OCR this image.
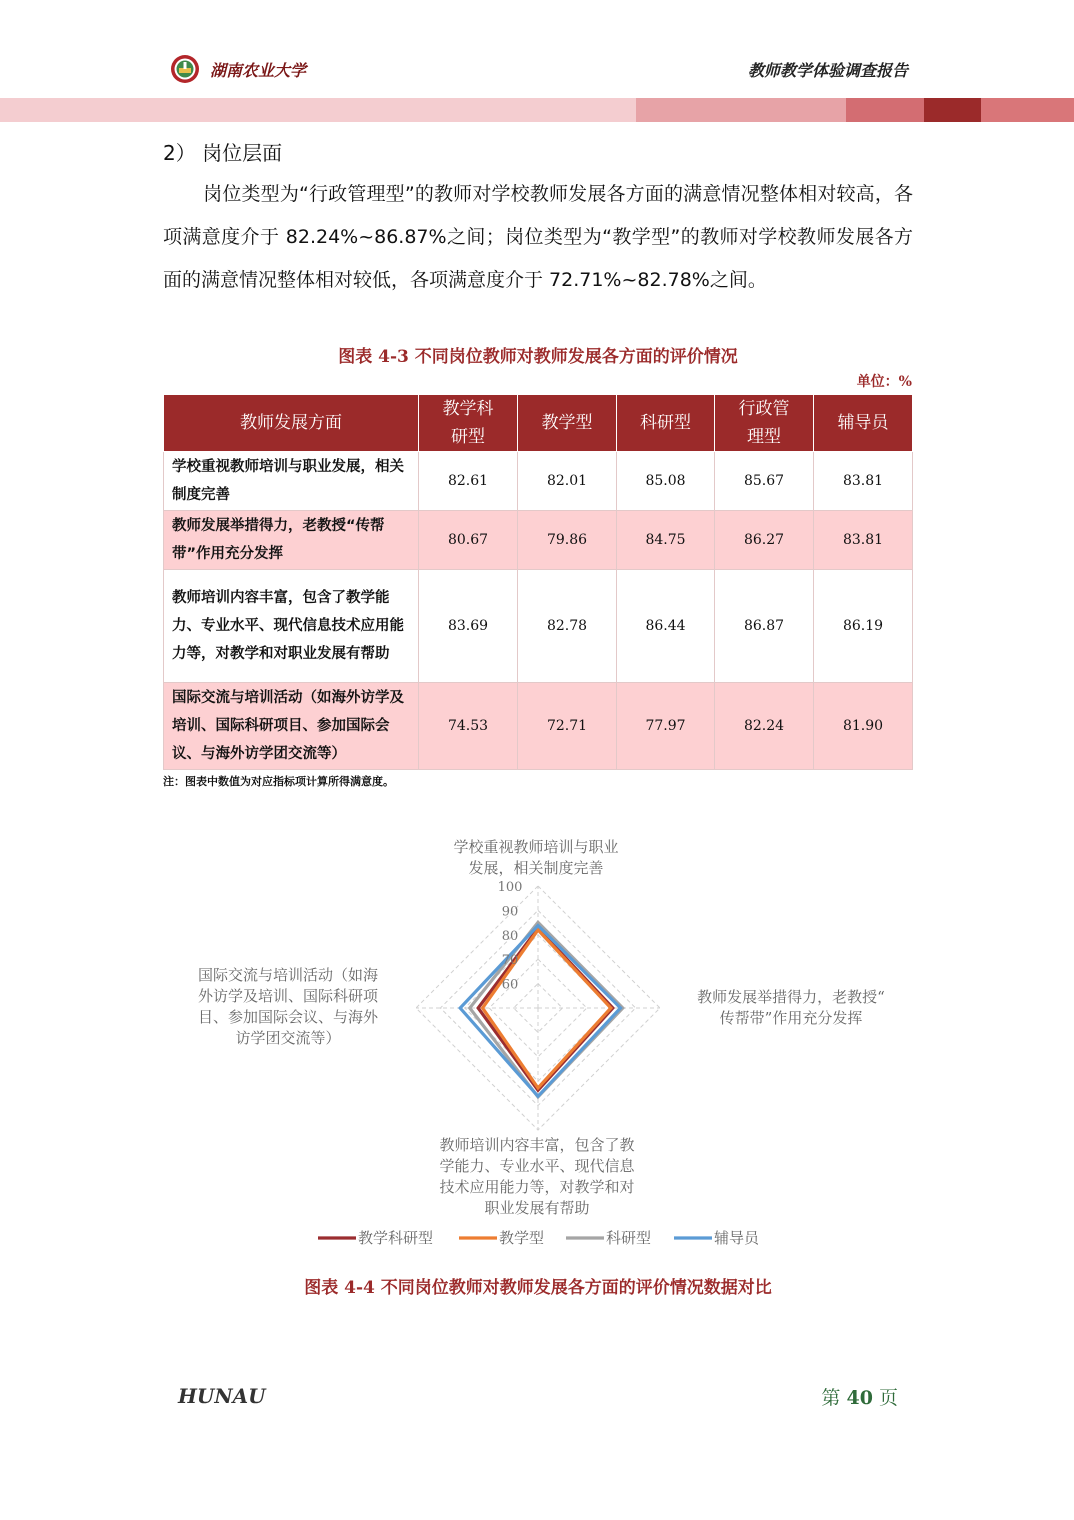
湖南农业大学	教师教学体验调查报告
2） 岗位层面
岗位类型为“行政管理型”的教师对学校教师发展各方面的满意情况整体相对较高，各项满意度介于 82.24%~86.87%之间；岗位类型为“教学型”的教师对学校教师发展各方面的满意情况整体相对较低，各项满意度介于 72.71%~82.78%之间。
图表 4-3 不同岗位教师对教师发展各方面的评价情况
单位：%
教师发展方面	教学科研型	教学型	科研型	行政管理型	辅导员
学校重视教师培训与职业发展，相关制度完善	82.61	82.01	85.08	85.67	83.81
教师发展举措得力，老教授“传帮带”作用充分发挥	80.67	79.86	84.75	86.27	83.81
教师培训内容丰富，包含了教学能力、专业水平、现代信息技术应用能力等，对教学和对职业发展有帮助	83.69	82.78	86.44	86.87	86.19
国际交流与培训活动（如海外访学及培训、国际科研项目、参加国际会议、与海外访学团交流等）	74.53	72.71	77.97	82.24	81.90
注：图表中数值为对应指标项计算所得满意度。
60
70
80
90
100
学校重视教师培训与职业发展，相关制度完善
教师发展举措得力，老教授“传帮带”作用充分发挥
教师培训内容丰富，包含了教学能力、专业水平、现代信息技术应用能力等，对教学和对职业发展有帮助
国际交流与培训活动（如海外访学及培训、国际科研项目、参加国际会议、与海外访学团交流等）
教学科研型	教学型	科研型	辅导员
图表 4-4 不同岗位教师对教师发展各方面的评价情况数据对比
HUNAU	第 40 页
